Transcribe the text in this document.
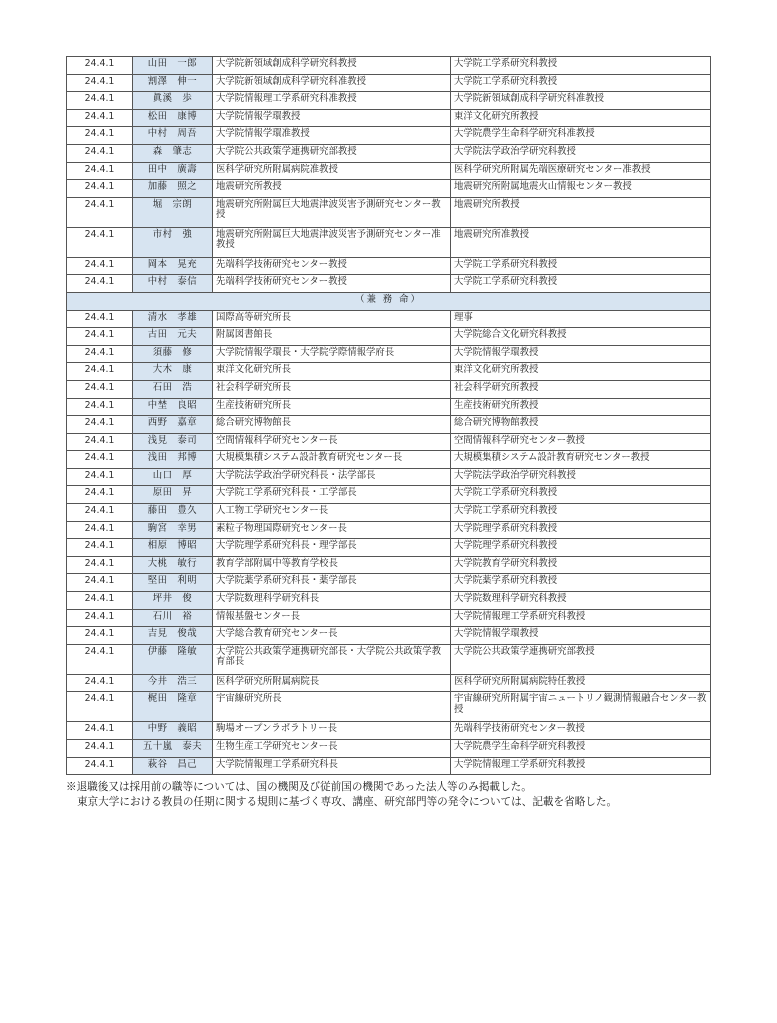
24.4.1	山田　一郎	大学院新領域創成科学研究科教授	大学院工学系研究科教授
24.4.1	割澤　伸一	大学院新領域創成科学研究科准教授	大学院工学系研究科教授
24.4.1	眞溪　歩	大学院情報理工学系研究科准教授	大学院新領域創成科学研究科准教授
24.4.1	松田　康博	大学院情報学環教授	東洋文化研究所教授
24.4.1	中村　周吾	大学院情報学環准教授	大学院農学生命科学研究科准教授
24.4.1	森　肇志	大学院公共政策学連携研究部教授	大学院法学政治学研究科教授
24.4.1	田中　廣壽	医科学研究所附属病院准教授	医科学研究所附属先端医療研究センター准教授
24.4.1	加藤　照之	地震研究所教授	地震研究所附属地震火山情報センター教授
24.4.1	堀　宗朗	地震研究所附属巨大地震津波災害予測研究センター教授	地震研究所教授
24.4.1	市村　強	地震研究所附属巨大地震津波災害予測研究センター准教授	地震研究所准教授
24.4.1	岡本　晃充	先端科学技術研究センター教授	大学院工学系研究科教授
24.4.1	中村　泰信	先端科学技術研究センター教授	大学院工学系研究科教授
（兼 務 命）			
24.4.1	清水　孝雄	国際高等研究所長	理事
24.4.1	古田　元夫	附属図書館長	大学院総合文化研究科教授
24.4.1	須藤　修	大学院情報学環長・大学院学際情報学府長	大学院情報学環教授
24.4.1	大木　康	東洋文化研究所長	東洋文化研究所教授
24.4.1	石田　浩	社会科学研究所長	社会科学研究所教授
24.4.1	中埜　良昭	生産技術研究所長	生産技術研究所教授
24.4.1	西野　嘉章	総合研究博物館長	総合研究博物館教授
24.4.1	浅見　泰司	空間情報科学研究センター長	空間情報科学研究センター教授
24.4.1	浅田　邦博	大規模集積システム設計教育研究センター長	大規模集積システム設計教育研究センター教授
24.4.1	山口　厚	大学院法学政治学研究科長・法学部長	大学院法学政治学研究科教授
24.4.1	原田　昇	大学院工学系研究科長・工学部長	大学院工学系研究科教授
24.4.1	藤田　豊久	人工物工学研究センター長	大学院工学系研究科教授
24.4.1	駒宮　幸男	素粒子物理国際研究センター長	大学院理学系研究科教授
24.4.1	相原　博昭	大学院理学系研究科長・理学部長	大学院理学系研究科教授
24.4.1	大桃　敏行	教育学部附属中等教育学校長	大学院教育学研究科教授
24.4.1	堅田　利明	大学院薬学系研究科長・薬学部長	大学院薬学系研究科教授
24.4.1	坪井　俊	大学院数理科学研究科長	大学院数理科学研究科教授
24.4.1	石川　裕	情報基盤センター長	大学院情報理工学系研究科教授
24.4.1	吉見　俊哉	大学総合教育研究センター長	大学院情報学環教授
24.4.1	伊藤　隆敏	大学院公共政策学連携研究部長・大学院公共政策学教育部長	大学院公共政策学連携研究部教授
24.4.1	今井　浩三	医科学研究所附属病院長	医科学研究所附属病院特任教授
24.4.1	梶田　隆章	宇宙線研究所長	宇宙線研究所附属宇宙ニュートリノ観測情報融合センター教授
24.4.1	中野　義昭	駒場オープンラボラトリー長	先端科学技術研究センター教授
24.4.1	五十嵐　泰夫	生物生産工学研究センター長	大学院農学生命科学研究科教授
24.4.1	萩谷　昌己	大学院情報理工学系研究科長	大学院情報理工学系研究科教授

※退職後又は採用前の職等については、国の機関及び従前国の機関であった法人等のみ掲載した。

東京大学における教員の任期に関する規則に基づく専攻、講座、研究部門等の発令については、記載を省略した。
